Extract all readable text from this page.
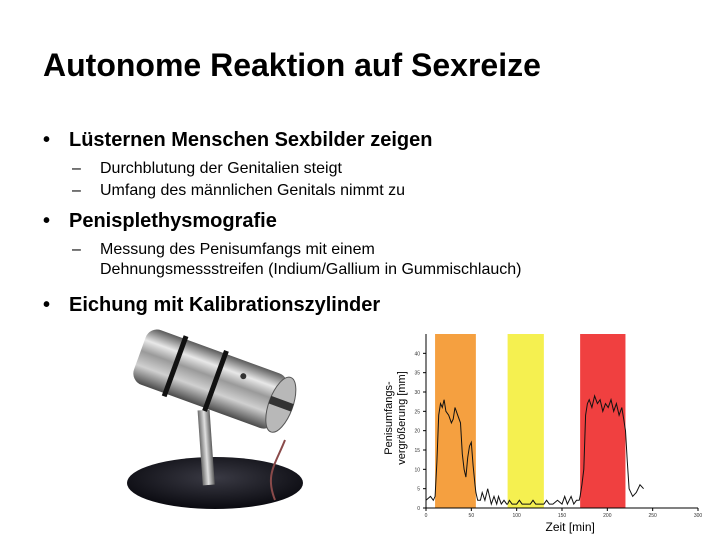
Autonome Reaktion auf Sexreize
• Lüsternen Menschen Sexbilder zeigen
– Durchblutung der Genitalien steigt
– Umfang des männlichen Genitals nimmt zu
• Penisplethysmografie
– Messung des Penisumfangs mit einem
Dehnungsmessstreifen (Indium/Gallium in Gummischlauch)
• Eichung mit Kalibrationszylinder
Penisumfangs- vergrößerung [mm]
0
5
10
15
20
25
30
35
40
0	50	100	150	200	250	300
Zeit [min]
